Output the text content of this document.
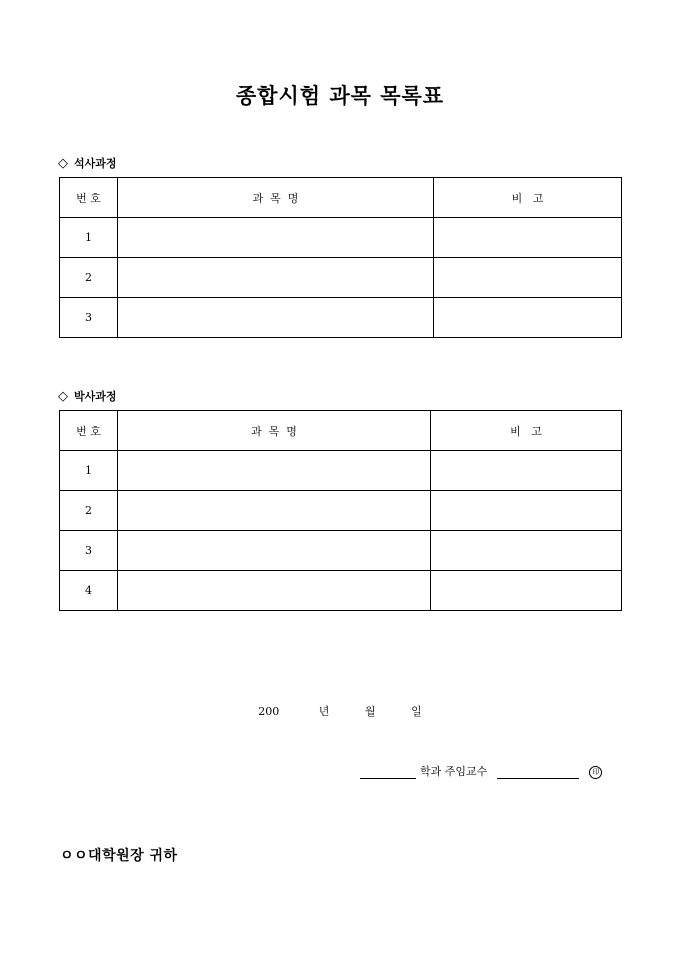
종합시험 과목 목록표
◇ 석사과정
번 호	과  목  명	비   고
1		
2		
3		
◇ 박사과정
번 호	과  목  명	비   고
1		
2		
3		
4		
200	년	월	일
학과 주임교수	印
ㅇㅇ대학원장 귀하
